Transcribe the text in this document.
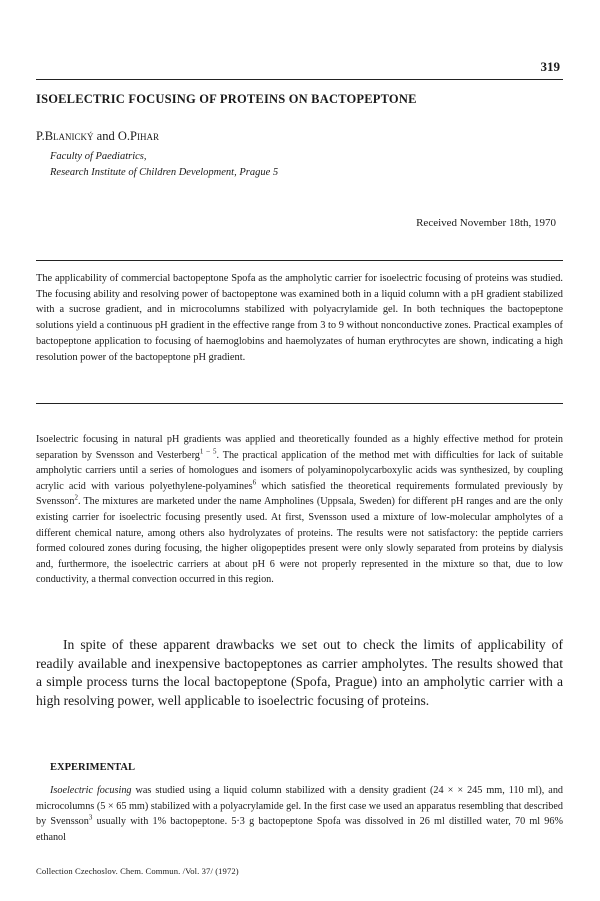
319
ISOELECTRIC FOCUSING OF PROTEINS ON BACTOPEPTONE
P.Blanický and O.Pihar
Faculty of Paediatrics,
Research Institute of Children Development, Prague 5
Received November 18th, 1970

The applicability of commercial bactopeptone Spofa as the ampholytic carrier for isoelectric focusing of proteins was studied. The focusing ability and resolving power of bactopeptone was examined both in a liquid column with a pH gradient stabilized with a sucrose gradient, and in microcolumns stabilized with polyacrylamide gel. In both techniques the bactopeptone solutions yield a continuous pH gradient in the effective range from 3 to 9 without nonconductive zones. Practical examples of bactopeptone application to focusing of haemoglobins and haemolyzates of human erythrocytes are shown, indicating a high resolution power of the bactopeptone pH gradient.

Isoelectric focusing in natural pH gradients was applied and theoretically founded as a highly effective method for protein separation by Svensson and Vesterberg$^{1 - 5}$. The practical application of the method met with difficulties for lack of suitable ampholytic carriers until a series of homologues and isomers of polyaminopolycarboxylic acids was synthesized, by coupling acrylic acid with various polyethylene-polyamines$^6$ which satisfied the theoretical requirements formulated previously by Svensson$^2$. The mixtures are marketed under the name Ampholines (Uppsala, Sweden) for different pH ranges and are the only existing carrier for isoelectric focusing presently used. At first, Svensson used a mixture of low-molecular ampholytes of a different chemical nature, among others also hydrolyzates of proteins. The results were not satisfactory: the peptide carriers formed coloured zones during focusing, the higher oligopeptides present were only slowly separated from proteins by dialysis and, furthermore, the isoelectric carriers at about pH 6 were not properly represented in the mixture so that, due to low conductivity, a thermal convection occurred in this region.

In spite of these apparent drawbacks we set out to check the limits of applicability of readily available and inexpensive bactopeptones as carrier ampholytes. The results showed that a simple process turns the local bactopeptone (Spofa, Prague) into an ampholytic carrier with a high resolving power, well applicable to isoelectric focusing of proteins.

EXPERIMENTAL

Isoelectric focusing was studied using a liquid column stabilized with a density gradient (24 × × 245 mm, 110 ml), and microcolumns (5 × 65 mm) stabilized with a polyacrylamide gel. In the first case we used an apparatus resembling that described by Svensson$^3$ usually with 1% bactopeptone. 5·3 g bactopeptone Spofa was dissolved in 26 ml distilled water, 70 ml 96% ethanol

Collection Czechoslov. Chem. Commun. /Vol. 37/ (1972)
